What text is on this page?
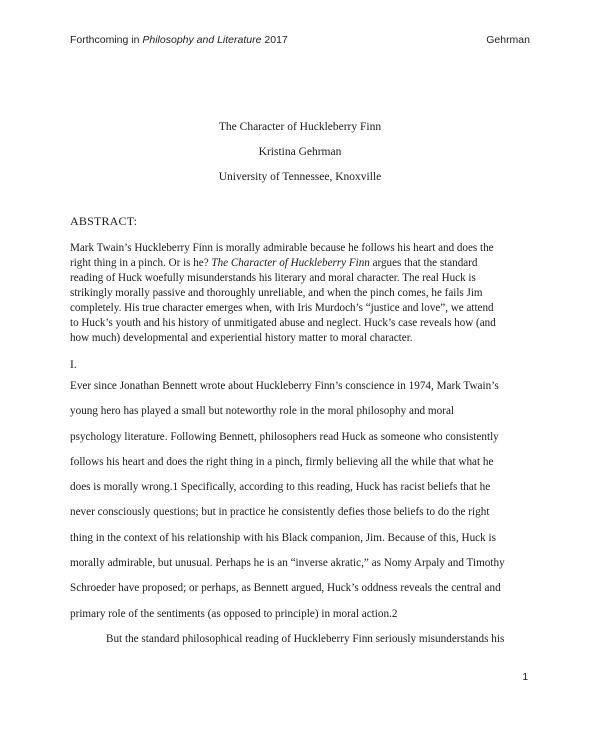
Forthcoming in Philosophy and Literature 2017	Gehrman
The Character of Huckleberry Finn
Kristina Gehrman
University of Tennessee, Knoxville
ABSTRACT:
Mark Twain’s Huckleberry Finn is morally admirable because he follows his heart and does the
right thing in a pinch. Or is he? The Character of Huckleberry Finn argues that the standard
reading of Huck woefully misunderstands his literary and moral character. The real Huck is
strikingly morally passive and thoroughly unreliable, and when the pinch comes, he fails Jim
completely. His true character emerges when, with Iris Murdoch’s “justice and love”, we attend
to Huck’s youth and his history of unmitigated abuse and neglect. Huck’s case reveals how (and
how much) developmental and experiential history matter to moral character.
I.
Ever since Jonathan Bennett wrote about Huckleberry Finn’s conscience in 1974, Mark Twain’s
young hero has played a small but noteworthy role in the moral philosophy and moral
psychology literature. Following Bennett, philosophers read Huck as someone who consistently
follows his heart and does the right thing in a pinch, firmly believing all the while that what he
does is morally wrong.1 Specifically, according to this reading, Huck has racist beliefs that he
never consciously questions; but in practice he consistently defies those beliefs to do the right
thing in the context of his relationship with his Black companion, Jim. Because of this, Huck is
morally admirable, but unusual. Perhaps he is an “inverse akratic,” as Nomy Arpaly and Timothy
Schroeder have proposed; or perhaps, as Bennett argued, Huck’s oddness reveals the central and
primary role of the sentiments (as opposed to principle) in moral action.2
But the standard philosophical reading of Huckleberry Finn seriously misunderstands his
1
